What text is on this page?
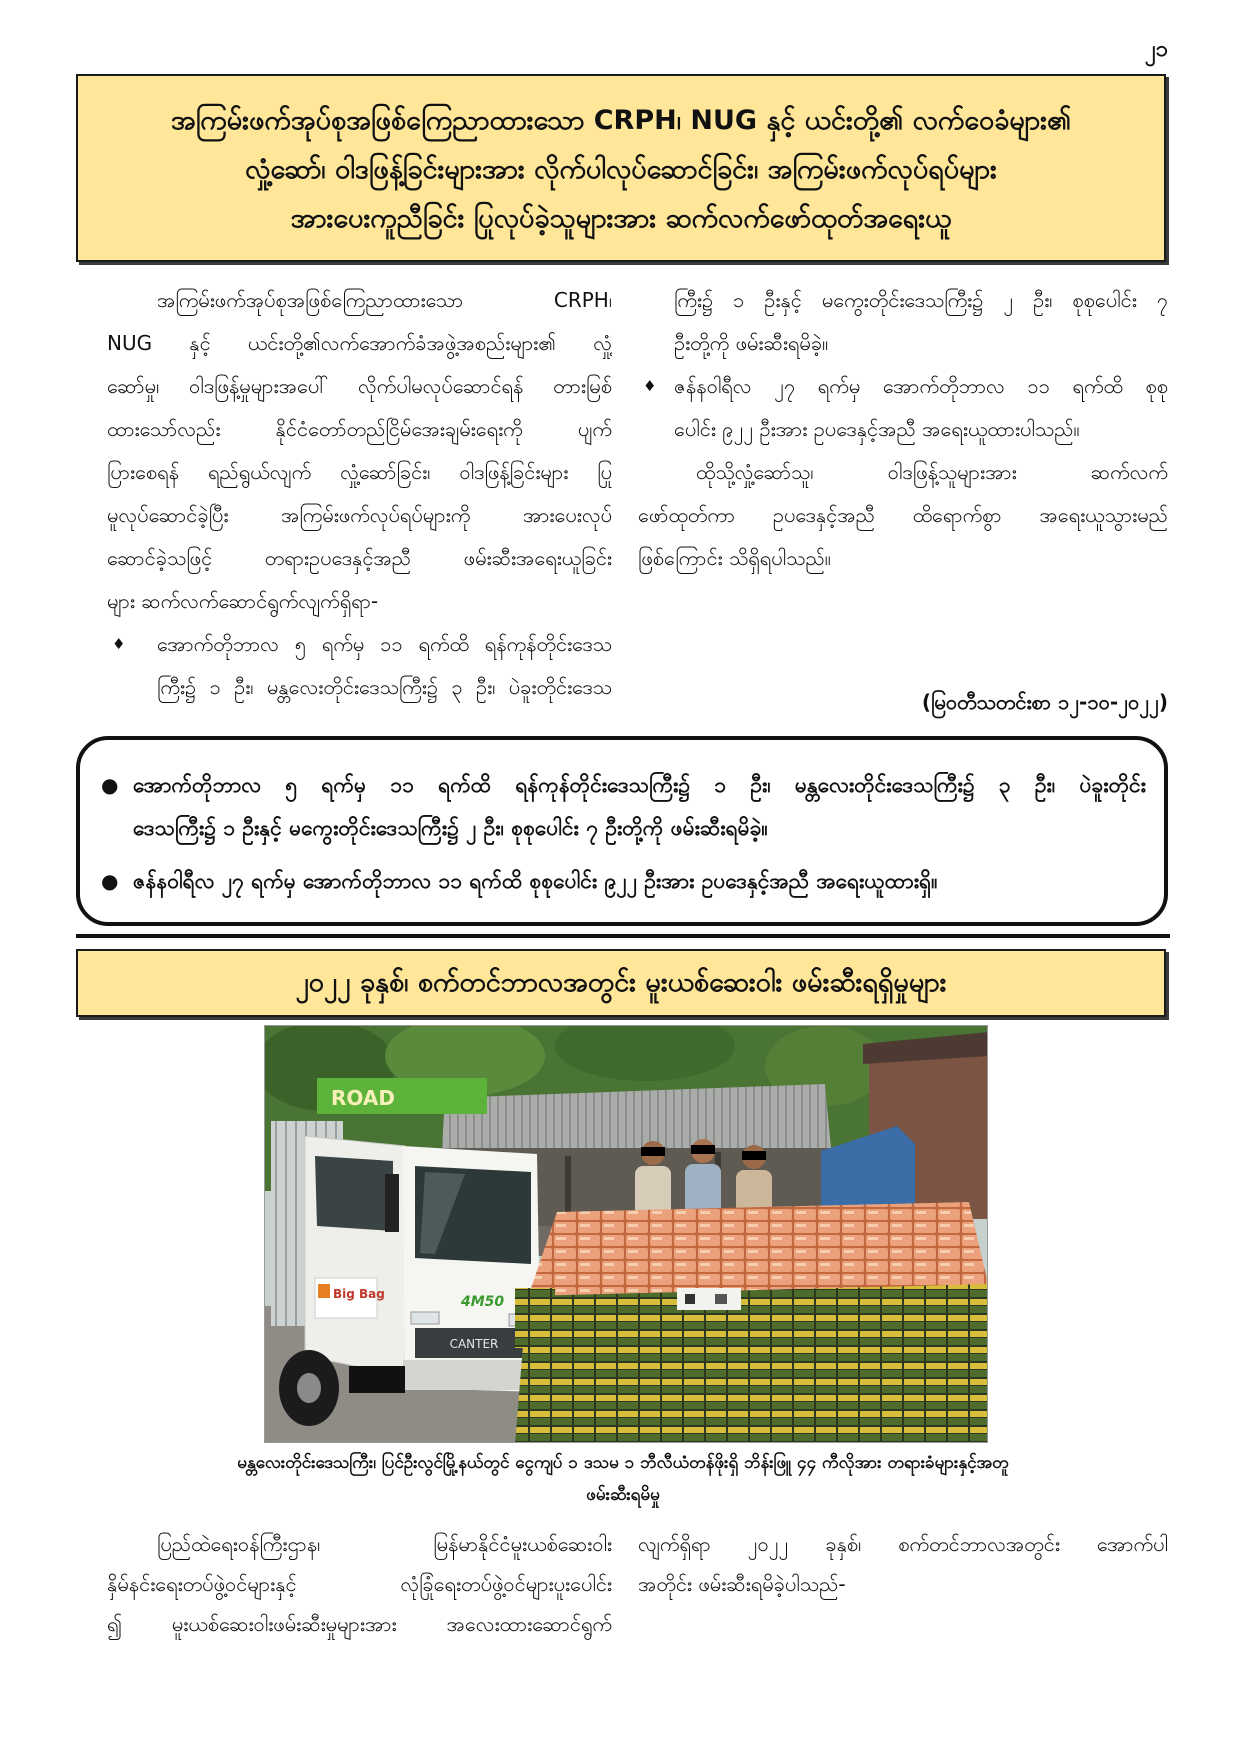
၂၁
အကြမ်းဖက်အုပ်စုအဖြစ်ကြေညာထားသော CRPH၊ NUG နှင့် ယင်းတို့၏ လက်ဝေခံများ၏
လှုံ့ဆော်၊ ဝါဒဖြန့်ခြင်းများအား လိုက်ပါလုပ်ဆောင်ခြင်း၊ အကြမ်းဖက်လုပ်ရပ်များ
အားပေးကူညီခြင်း ပြုလုပ်ခဲ့သူများအား ဆက်လက်ဖော်ထုတ်အရေးယူ
အကြမ်းဖက်အုပ်စုအဖြစ်ကြေညာထားသော CRPH၊
NUG နှင့် ယင်းတို့၏လက်အောက်ခံအဖွဲ့အစည်းများ၏ လှုံ့
ဆော်မှု၊ ဝါဒဖြန့်မှုများအပေါ် လိုက်ပါမလုပ်ဆောင်ရန် တားမြစ်
ထားသော်လည်း နိုင်ငံတော်တည်ငြိမ်အေးချမ်းရေးကို ပျက်
ပြားစေရန် ရည်ရွယ်လျက် လှုံ့ဆော်ခြင်း၊ ဝါဒဖြန့်ခြင်းများ ပြု
မူလုပ်ဆောင်ခဲ့ပြီး အကြမ်းဖက်လုပ်ရပ်များကို အားပေးလုပ်
ဆောင်ခဲ့သဖြင့် တရားဥပဒေနှင့်အညီ ဖမ်းဆီးအရေးယူခြင်း
များ ဆက်လက်ဆောင်ရွက်လျက်ရှိရာ-
♦ အောက်တိုဘာလ ၅ ရက်မှ ၁၁ ရက်ထိ ရန်ကုန်တိုင်းဒေသ
ကြီး၌ ၁ ဦး၊ မန္တလေးတိုင်းဒေသကြီး၌ ၃ ဦး၊ ပဲခူးတိုင်းဒေသ
ကြီး၌ ၁ ဦးနှင့် မကွေးတိုင်းဒေသကြီး၌ ၂ ဦး၊ စုစုပေါင်း ၇
ဦးတို့ကို ဖမ်းဆီးရမိခဲ့။
♦ ဇန်နဝါရီလ ၂၇ ရက်မှ အောက်တိုဘာလ ၁၁ ရက်ထိ စုစု
ပေါင်း ၉၂၂ ဦးအား ဥပဒေနှင့်အညီ အရေးယူထားပါသည်။
ထိုသို့လှုံ့ဆော်သူ၊ ဝါဒဖြန့်သူများအား ဆက်လက်
ဖော်ထုတ်ကာ ဥပဒေနှင့်အညီ ထိရောက်စွာ အရေးယူသွားမည်
ဖြစ်ကြောင်း သိရှိရပါသည်။
(မြဝတီသတင်းစာ ၁၂-၁၀-၂၀၂၂)
● အောက်တိုဘာလ ၅ ရက်မှ ၁၁ ရက်ထိ ရန်ကုန်တိုင်းဒေသကြီး၌ ၁ ဦး၊ မန္တလေးတိုင်းဒေသကြီး၌ ၃ ဦး၊ ပဲခူးတိုင်း
ဒေသကြီး၌ ၁ ဦးနှင့် မကွေးတိုင်းဒေသကြီး၌ ၂ ဦး၊ စုစုပေါင်း ၇ ဦးတို့ကို ဖမ်းဆီးရမိခဲ့။
● ဇန်နဝါရီလ ၂၇ ရက်မှ အောက်တိုဘာလ ၁၁ ရက်ထိ စုစုပေါင်း ၉၂၂ ဦးအား ဥပဒေနှင့်အညီ အရေးယူထားရှိ။
၂၀၂၂ ခုနှစ်၊ စက်တင်ဘာလအတွင်း မူးယစ်ဆေးဝါး ဖမ်းဆီးရရှိမှုများ
Big Bag
ROAD
4M50
CANTER
မန္တလေးတိုင်းဒေသကြီး၊ ပြင်ဦးလွင်မြို့နယ်တွင် ငွေကျပ် ၁ ဒသမ ၁ ဘီလီယံတန်ဖိုးရှိ ဘိန်းဖြူ ၄၄ ကီလိုအား တရားခံများနှင့်အတူ
ဖမ်းဆီးရမိမှု
ပြည်ထဲရေးဝန်ကြီးဌာန၊ မြန်မာနိုင်ငံမူးယစ်ဆေးဝါး
နှိမ်နင်းရေးတပ်ဖွဲ့ဝင်များနှင့် လုံခြုံရေးတပ်ဖွဲ့ဝင်များပူးပေါင်း
၍ မူးယစ်ဆေးဝါးဖမ်းဆီးမှုများအား အလေးထားဆောင်ရွက်
လျက်ရှိရာ ၂၀၂၂ ခုနှစ်၊ စက်တင်ဘာလအတွင်း အောက်ပါ
အတိုင်း ဖမ်းဆီးရမိခဲ့ပါသည်-
